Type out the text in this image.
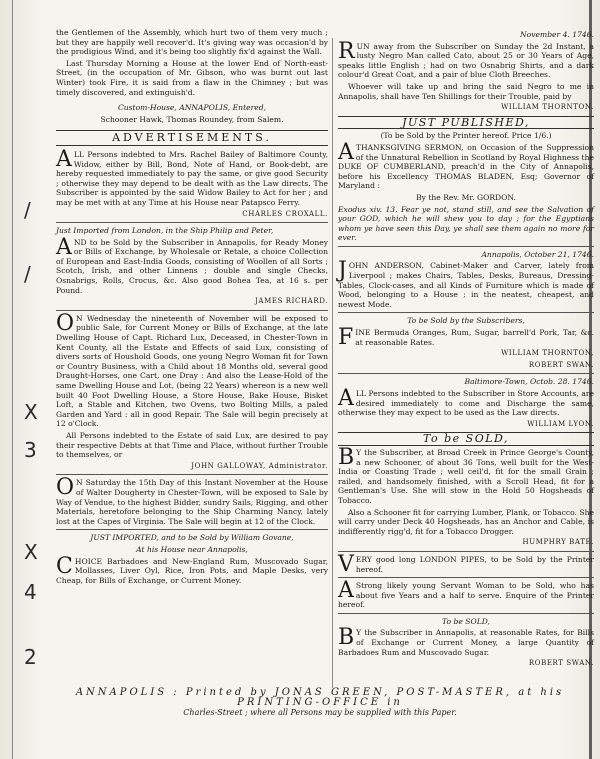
/
/
X
3
X
4
2

the Gentlemen of the Assembly, which hurt two of them very much ; but they are happily well recover'd. It's giving way was occasion'd by the prodigious Wind, and it's being too slightly fix'd against the Wall.

Last Thursday Morning a House at the lower End of North-east-Street, (in the occupation of Mr. Gibson, who was burnt out last Winter) took Fire, it is said from a flaw in the Chimney ; but was timely discovered, and extinguish'd.

Custom-House, ANNAPOLIS, Entered,

Schooner Hawk, Thomas Roundey, from Salem.

ADVERTISEMENTS.

ALL Persons indebted to Mrs. Rachel Bailey of Baltimore County, Widow, either by Bill, Bond, Note of Hand, or Book-debt, are hereby requested immediately to pay the same, or give good Security ; otherwise they may depend to be dealt with as the Law directs. The Subscriber is appointed by the said Widow Bailey to Act for her ; and may be met with at any Time at his House near Patapsco Ferry.

CHARLES CROXALL.

Just Imported from London, in the Ship Philip and Peter,

AND to be Sold by the Subscriber in Annapolis, for Ready Money or Bills of Exchange, by Wholesale or Retale, a choice Collection of European and East-India Goods, consisting of Woollen of all Sorts ; Scotch, Irish, and other Linnens ; double and single Checks, Osnabrigs, Rolls, Crocus, &c. Also good Bohea Tea, at 16 s. per Pound.

JAMES RICHARD.

ON Wednesday the nineteenth of November will be exposed to public Sale, for Current Money or Bills of Exchange, at the late Dwelling House of Capt. Richard Lux, Deceased, in Chester-Town in Kent County, all the Estate and Effects of said Lux, consisting of divers sorts of Houshold Goods, one young Negro Woman fit for Town or Country Business, with a Child about 18 Months old, several good Draught-Horses, one Cart, one Dray : And also the Lease-Hold of the same Dwelling House and Lot, (being 22 Years) whereon is a new well built 40 Foot Dwelling House, a Store House, Bake House, Bisket Loft, a Stable and Kitchen, two Ovens, two Bolting Mills, a paled Garden and Yard : all in good Repair. The Sale will begin precisely at 12 o'Clock.

All Persons indebted to the Estate of said Lux, are desired to pay their respective Debts at that Time and Place, without further Trouble to themselves, or

JOHN GALLOWAY, Administrator.

ON Saturday the 15th Day of this Instant November at the House of Walter Dougherty in Chester-Town, will be exposed to Sale by Way of Vendue, to the highest Bidder, sundry Sails, Rigging, and other Materials, heretofore belonging to the Ship Charming Nancy, lately lost at the Capes of Virginia. The Sale will begin at 12 of the Clock.

JUST IMPORTED, and to be Sold by William Govane,

At his House near Annapolis,

CHOICE Barbadoes and New-England Rum, Muscovado Sugar, Mollasses, Liver Oyl, Rice, Iron Pots, and Maple Desks, very Cheap, for Bills of Exchange, or Current Money.

November 4. 1746.

RUN away from the Subscriber on Sunday the 2d Instant, a lusty Negro Man called Cato, about 25 or 30 Years of Age, speaks little English ; had on two Osnabrig Shirts, and a dark colour'd Great Coat, and a pair of blue Cloth Breeches.

Whoever will take up and bring the said Negro to me in Annapolis, shall have Ten Shillings for their Trouble, paid by

WILLIAM THORNTON.

JUST PUBLISHED,

(To be Sold by the Printer hereof. Price 1/6.)

ATHANKSGIVING SERMON, on Occasion of the Suppression of the Unnatural Rebellion in Scotland by Royal Highness the DUKE OF CUMBERLAND, preach'd in the City of Annapolis, before his Excellency THOMAS BLADEN, Esq; Governor of Maryland :

By the Rev. Mr. GORDON.

Exodus xiv. 13. Fear ye not, stand still, and see the Salvation of your GOD, which he will shew you to day ; for the Egyptians whom ye have seen this Day, ye shall see them again no more for ever.

Annapolis, October 21, 1746.

JOHN ANDERSON, Cabinet-Maker and Carver, lately from Liverpool ; makes Chairs, Tables, Desks, Bureaus, Dressing-Tables, Clock-cases, and all Kinds of Furniture which is made of Wood, belonging to a House ; in the neatest, cheapest, and newest Mode.

To be Sold by the Subscribers,

FINE Bermuda Oranges, Rum, Sugar, barrell'd Pork, Tar, &c. at reasonable Rates.

WILLIAM THORNTON,

ROBERT SWAN.

Baltimore-Town, Octob. 28. 1746.

ALL Persons indebted to the Subscriber in Store Accounts, are desired immediately to come and Discharge the same, otherwise they may expect to be used as the Law directs.

WILLIAM LYON.

To be SOLD,

BY the Subscriber, at Broad Creek in Prince George's County, a new Schooner, of about 36 Tons, well built for the West-India or Coasting Trade ; well ceil'd, fit for the small Grain ; railed, and handsomely finished, with a Scroll Head, fit for a Gentleman's Use. She will stow in the Hold 50 Hogsheads of Tobacco.

Also a Schooner fit for carrying Lumber, Plank, or Tobacco. She will carry under Deck 40 Hogsheads, has an Anchor and Cable, is indifferently rigg'd, fit for a Tobacco Drogger.

HUMPHRY BATE.

VERY good long LONDON PIPES, to be Sold by the Printer hereof.

AStrong likely young Servant Woman to be Sold, who has about five Years and a half to serve. Enquire of the Printer hereof.

To be SOLD,

BY the Subscriber in Annapolis, at reasonable Rates, for Bills of Exchange or Current Money, a large Quantity of Barbadoes Rum and Muscovado Sugar.

ROBERT SWAN.

ANNAPOLIS : Printed by JONAS GREEN, POST-MASTER, at his PRINTING-OFFICE in
Charles-Street ; where all Persons may be supplied with this Paper.
